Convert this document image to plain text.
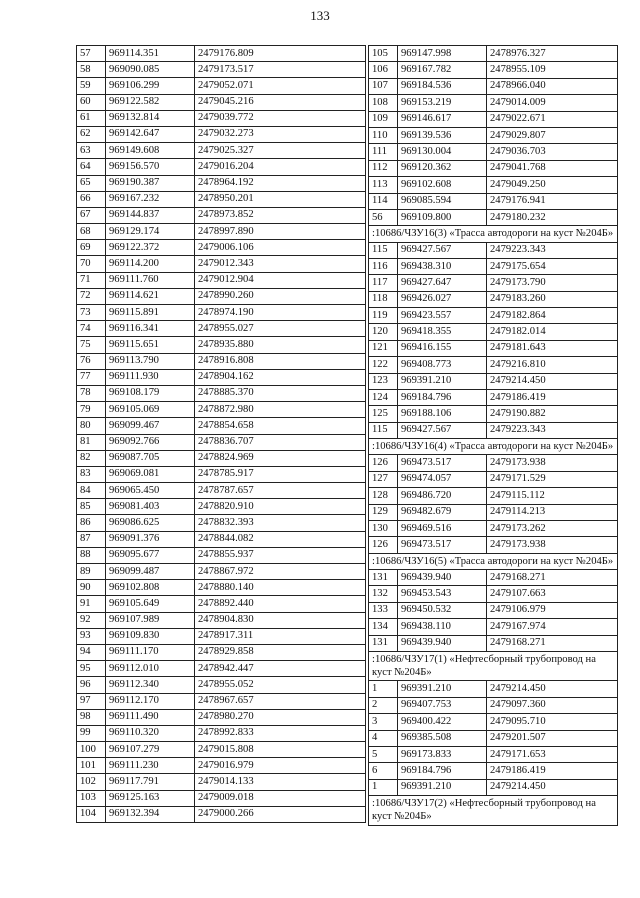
133
57	969114.351	2479176.809
58	969090.085	2479173.517
59	969106.299	2479052.071
60	969122.582	2479045.216
61	969132.814	2479039.772
62	969142.647	2479032.273
63	969149.608	2479025.327
64	969156.570	2479016.204
65	969190.387	2478964.192
66	969167.232	2478950.201
67	969144.837	2478973.852
68	969129.174	2478997.890
69	969122.372	2479006.106
70	969114.200	2479012.343
71	969111.760	2479012.904
72	969114.621	2478990.260
73	969115.891	2478974.190
74	969116.341	2478955.027
75	969115.651	2478935.880
76	969113.790	2478916.808
77	969111.930	2478904.162
78	969108.179	2478885.370
79	969105.069	2478872.980
80	969099.467	2478854.658
81	969092.766	2478836.707
82	969087.705	2478824.969
83	969069.081	2478785.917
84	969065.450	2478787.657
85	969081.403	2478820.910
86	969086.625	2478832.393
87	969091.376	2478844.082
88	969095.677	2478855.937
89	969099.487	2478867.972
90	969102.808	2478880.140
91	969105.649	2478892.440
92	969107.989	2478904.830
93	969109.830	2478917.311
94	969111.170	2478929.858
95	969112.010	2478942.447
96	969112.340	2478955.052
97	969112.170	2478967.657
98	969111.490	2478980.270
99	969110.320	2478992.833
100	969107.279	2479015.808
101	969111.230	2479016.979
102	969117.791	2479014.133
103	969125.163	2479009.018
104	969132.394	2479000.266
105	969147.998	2478976.327
106	969167.782	2478955.109
107	969184.536	2478966.040
108	969153.219	2479014.009
109	969146.617	2479022.671
110	969139.536	2479029.807
111	969130.004	2479036.703
112	969120.362	2479041.768
113	969102.608	2479049.250
114	969085.594	2479176.941
56	969109.800	2479180.232
:10686/ЧЗУ16(3) «Трасса автодороги на куст №204Б»		
115	969427.567	2479223.343
116	969438.310	2479175.654
117	969427.647	2479173.790
118	969426.027	2479183.260
119	969423.557	2479182.864
120	969418.355	2479182.014
121	969416.155	2479181.643
122	969408.773	2479216.810
123	969391.210	2479214.450
124	969184.796	2479186.419
125	969188.106	2479190.882
115	969427.567	2479223.343
:10686/ЧЗУ16(4) «Трасса автодороги на куст №204Б»		
126	969473.517	2479173.938
127	969474.057	2479171.529
128	969486.720	2479115.112
129	969482.679	2479114.213
130	969469.516	2479173.262
126	969473.517	2479173.938
:10686/ЧЗУ16(5) «Трасса автодороги на куст №204Б»		
131	969439.940	2479168.271
132	969453.543	2479107.663
133	969450.532	2479106.979
134	969438.110	2479167.974
131	969439.940	2479168.271
:10686/ЧЗУ17(1) «Нефтесборный трубопровод на куст №204Б»		
1	969391.210	2479214.450
2	969407.753	2479097.360
3	969400.422	2479095.710
4	969385.508	2479201.507
5	969173.833	2479171.653
6	969184.796	2479186.419
1	969391.210	2479214.450
:10686/ЧЗУ17(2) «Нефтесборный трубопровод на куст №204Б»		
